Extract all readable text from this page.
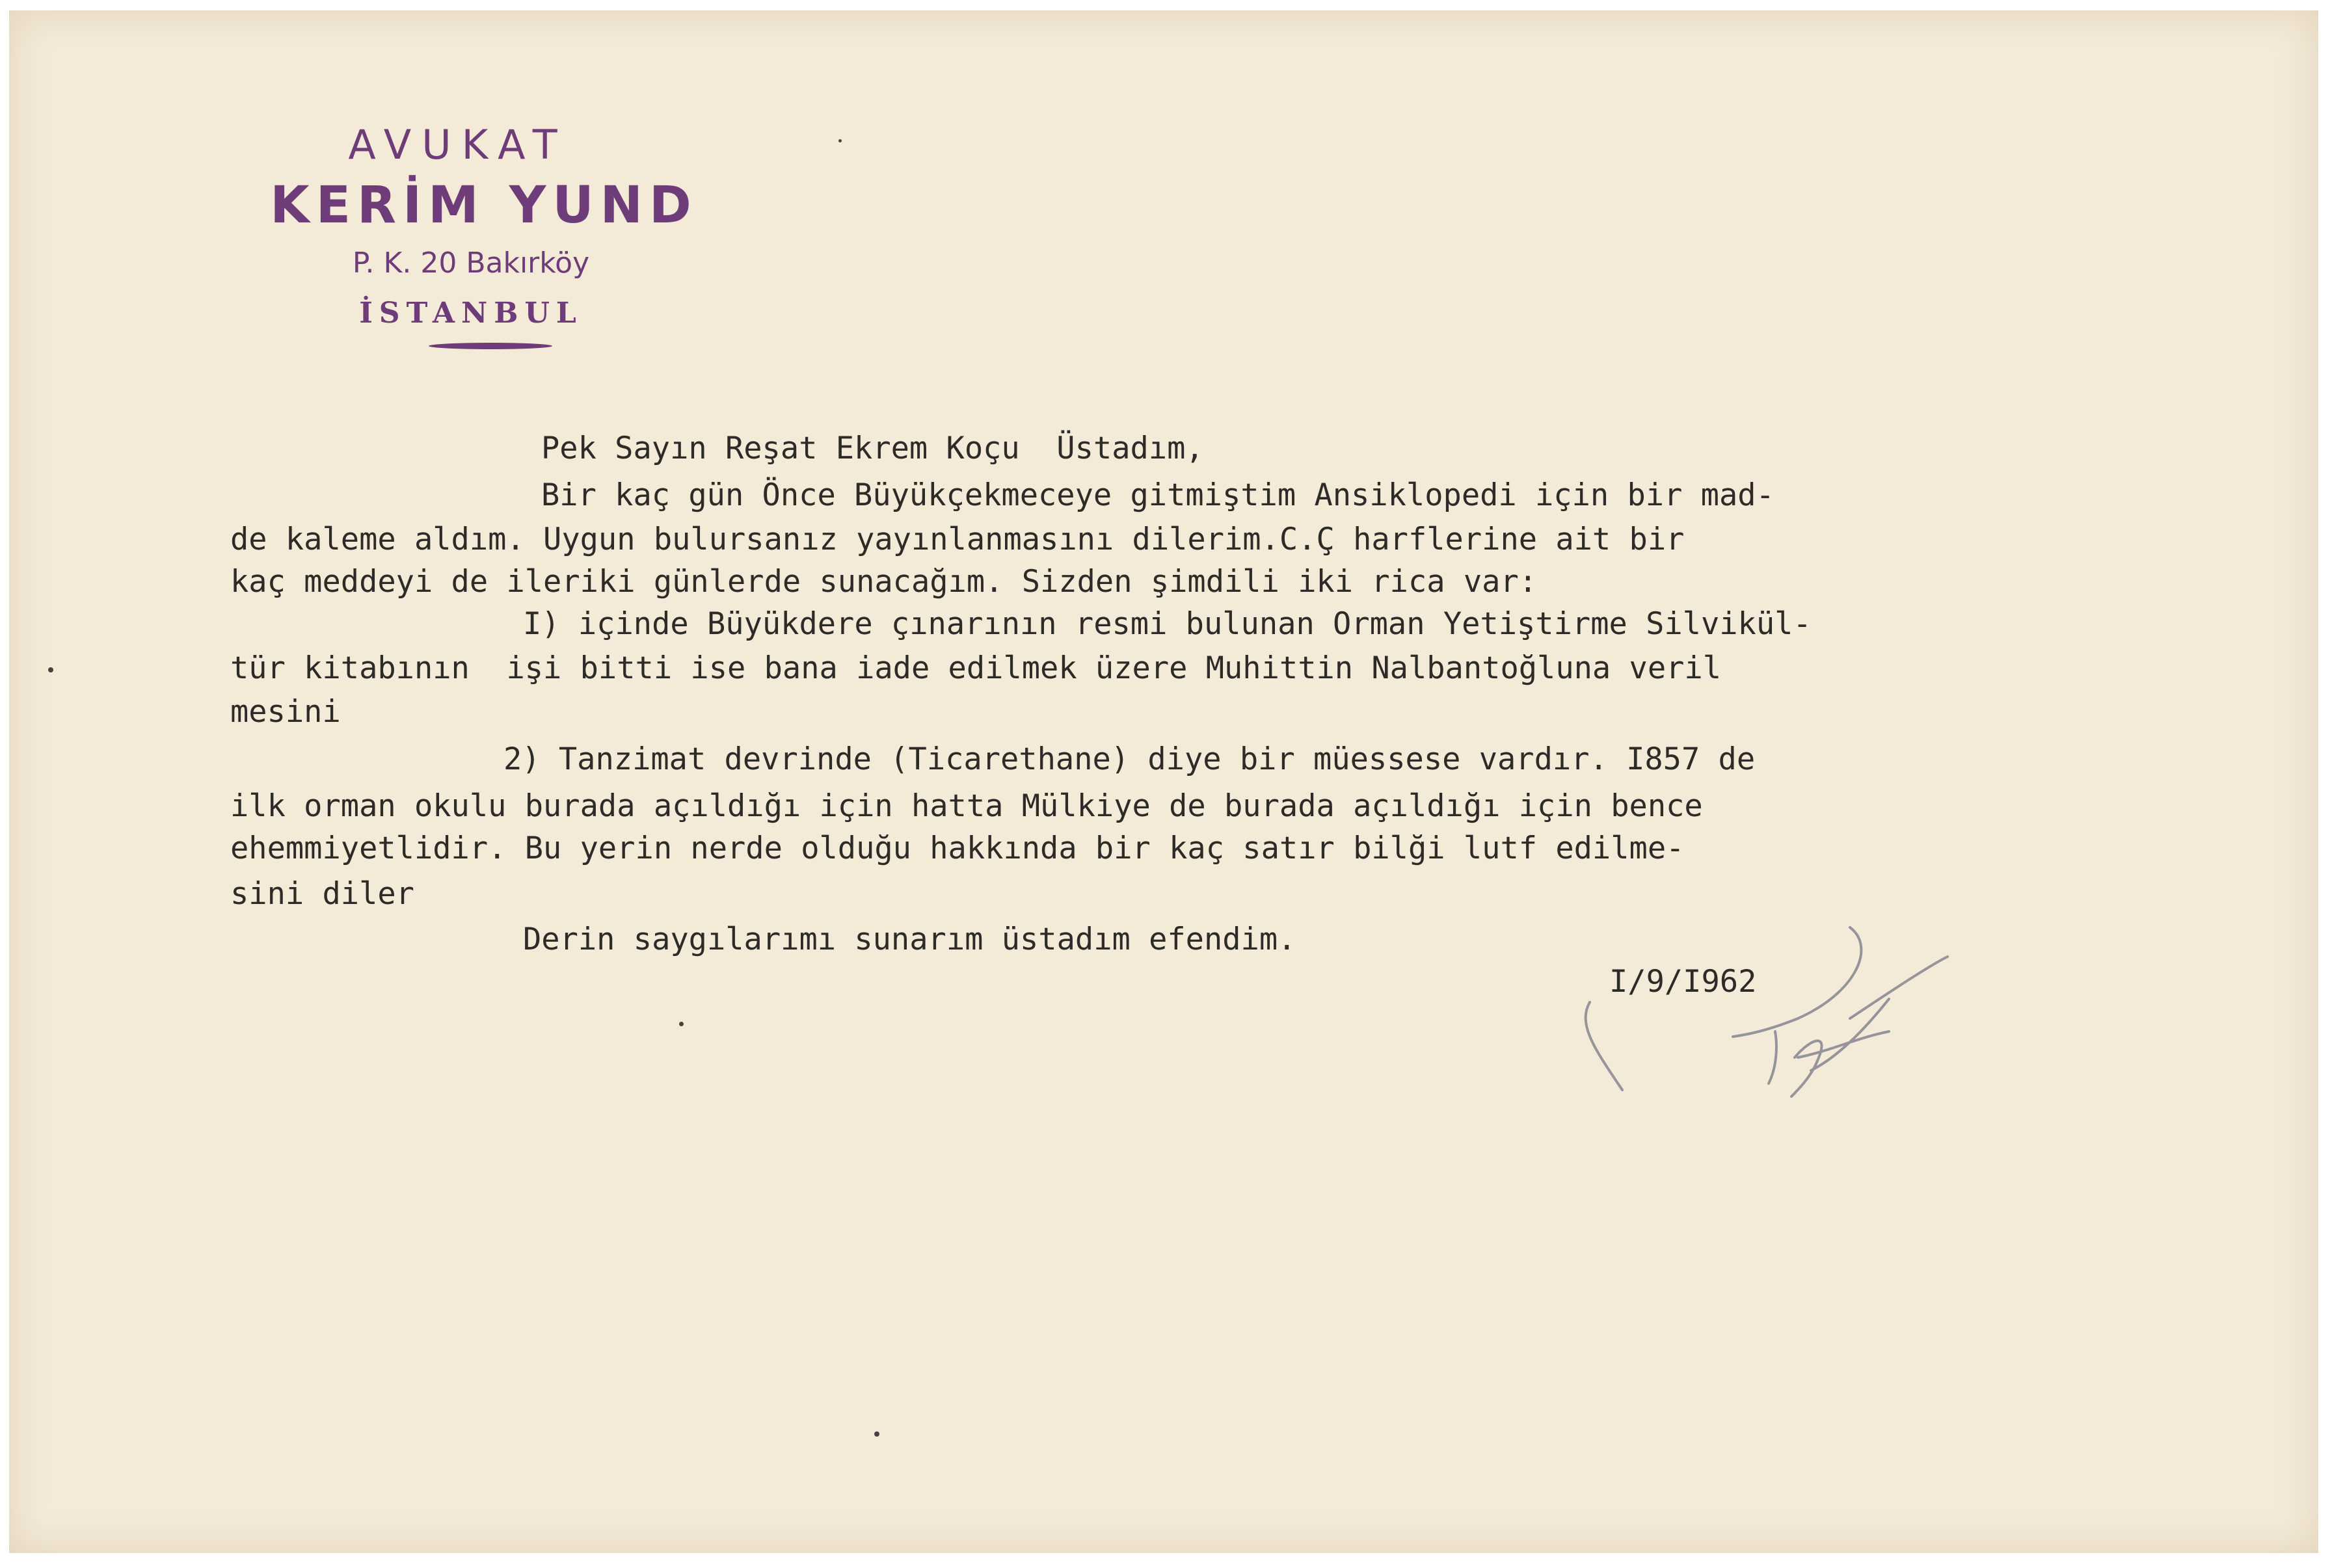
AVUKAT
KERİM YUND
P. K. 20 Bakırköy
İSTANBUL

Pek Sayın Reşat Ekrem Koçu  Üstadım,

Bir kaç gün Önce Büyükçekmeceye gitmiştim Ansiklopedi için bir mad-

de kaleme aldım. Uygun bulursanız yayınlanmasını dilerim.C.Ç harflerine ait bir

kaç meddeyi de ileriki günlerde sunacağım. Sizden şimdili iki rica var:

I) içinde Büyükdere çınarının resmi bulunan Orman Yetiştirme Silvikül-

tür kitabının  işi bitti ise bana iade edilmek üzere Muhittin Nalbantoğluna veril

mesini

2) Tanzimat devrinde (Ticarethane) diye bir müessese vardır. I857 de

ilk orman okulu burada açıldığı için hatta Mülkiye de burada açıldığı için bence

ehemmiyetlidir. Bu yerin nerde olduğu hakkında bir kaç satır bilği lutf edilme-

sini diler

Derin saygılarımı sunarım üstadım efendim.

I/9/I962
